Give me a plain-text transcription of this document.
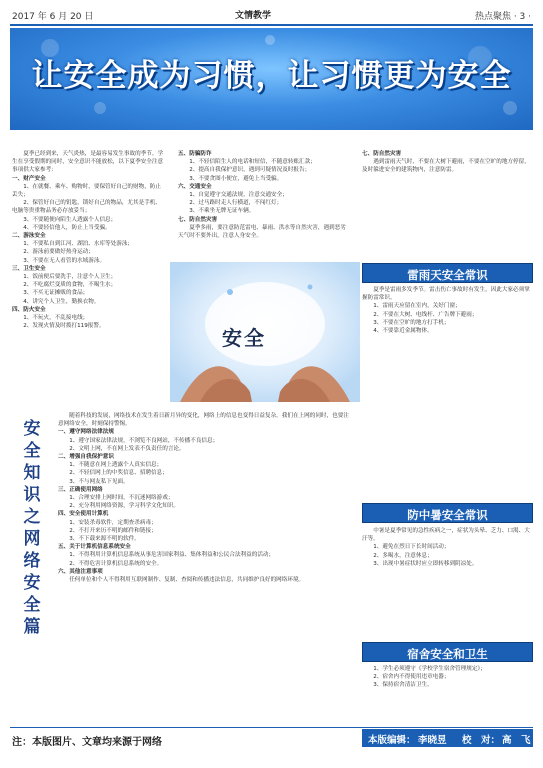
2017 年 6 月 20 日	文情教学	热点聚焦 · 3 ·
让安全成为习惯，让习惯更为安全

　　夏季已经到来，天气炎热，是最容易发生事故的季节。学生在享受假期的同时，安全意识不能放松，以下夏季安全注意事项供大家参考：

一、财产安全

　　1、在就餐、乘车、购物时，要保管好自己的财物，防止丢失；

　　2、保管好自己的钥匙，锁好自己的物品，尤其是手机、电脑等贵重物品务必存放妥当；

　　3、不要随便向陌生人透露个人信息；

　　4、不要轻信他人，防止上当受骗。

二、游泳安全

　　1、不要私自到江河、湖泊、水库等处游泳；

　　2、游泳前要做好热身运动；

　　3、不要在无人看管的水域游泳。

三、卫生安全

　　1、饭前便后要洗手，注意个人卫生；

　　2、不吃腐烂变质的食物，不喝生水；

　　3、不买无证摊贩的食品；

　　4、讲究个人卫生，勤换衣物。

四、防火安全

　　1、不玩火，不乱接电线；

　　2、发现火情及时拨打119报警。

五、防骗防诈

　　1、不轻信陌生人的电话和短信，不随意转账汇款；

　　2、提高自我保护意识，遇到可疑情况及时报告；

　　3、不要贪图小便宜，避免上当受骗。

六、交通安全

　　1、自觉遵守交通法规，注意交通安全；

　　2、过马路时走人行横道，不闯红灯；

　　3、不乘坐无牌无证车辆。

七、防自然灾害

　　夏季多雨，要注意防范雷电、暴雨、洪水等自然灾害，遇到恶劣天气时不要外出，注意人身安全。

七、防自然灾害

　　遇到雷雨天气时，不要在大树下避雨，不要在空旷的地方停留，及时躲进安全的建筑物内，注意防雷。

安全
雷雨天安全常识

　　夏季是雷雨多发季节。雷击伤亡事故时有发生，因此大家必须掌握防雷常识。

　　1、雷雨天应留在室内，关好门窗；

　　2、不要在大树、电线杆、广告牌下避雨；

　　3、不要在空旷的地方打手机；

　　4、不要靠近金属物体。

防中暑安全常识

　　中暑是夏季常见的急性疾病之一，症状为头晕、乏力、口渴、大汗等。

　　1、避免在烈日下长时间活动；

　　2、多喝水，注意休息；

　　3、出现中暑症状时应立即转移到阴凉处。

宿舍安全和卫生

　　1、学生必须遵守《学校学生宿舍管理规定》；

　　2、宿舍内不得使用违章电器；

　　3、保持宿舍清洁卫生。

安
全
知
识
之
网
络
安
全
篇

　　随着科技的发展，网络技术在发生着日新月异的变化，网络上的信息也变得日益复杂。我们在上网的同时，也要注意网络安全，时刻保持警惕。

一、遵守网络法律法规

　　1、遵守国家法律法规，不浏览不良网站，不传播不良信息；

　　2、文明上网，不在网上发表不负责任的言论。

二、增强自我保护意识

　　1、不随意在网上透露个人真实信息；

　　2、不轻信网上的中奖信息、招聘信息；

　　3、不与网友私下见面。

三、正确使用网络

　　1、合理安排上网时间，不沉迷网络游戏；

　　2、充分利用网络资源，学习科学文化知识。

四、安全使用计算机

　　1、安装杀毒软件，定期查杀病毒；

　　2、不打开来历不明的邮件和链接；

　　3、不下载来源不明的软件。

五、关于计算机信息系统安全

　　1、不得利用计算机信息系统从事危害国家利益、集体利益和公民合法利益的活动；

　　2、不得危害计算机信息系统的安全。

六、其他注意事项

　　任何单位和个人不得利用互联网制作、复制、查阅和传播违法信息，共同维护良好的网络环境。

注：本版图片、文章均来源于网络	本版编辑： 李晓昱 校　对： 高　飞
